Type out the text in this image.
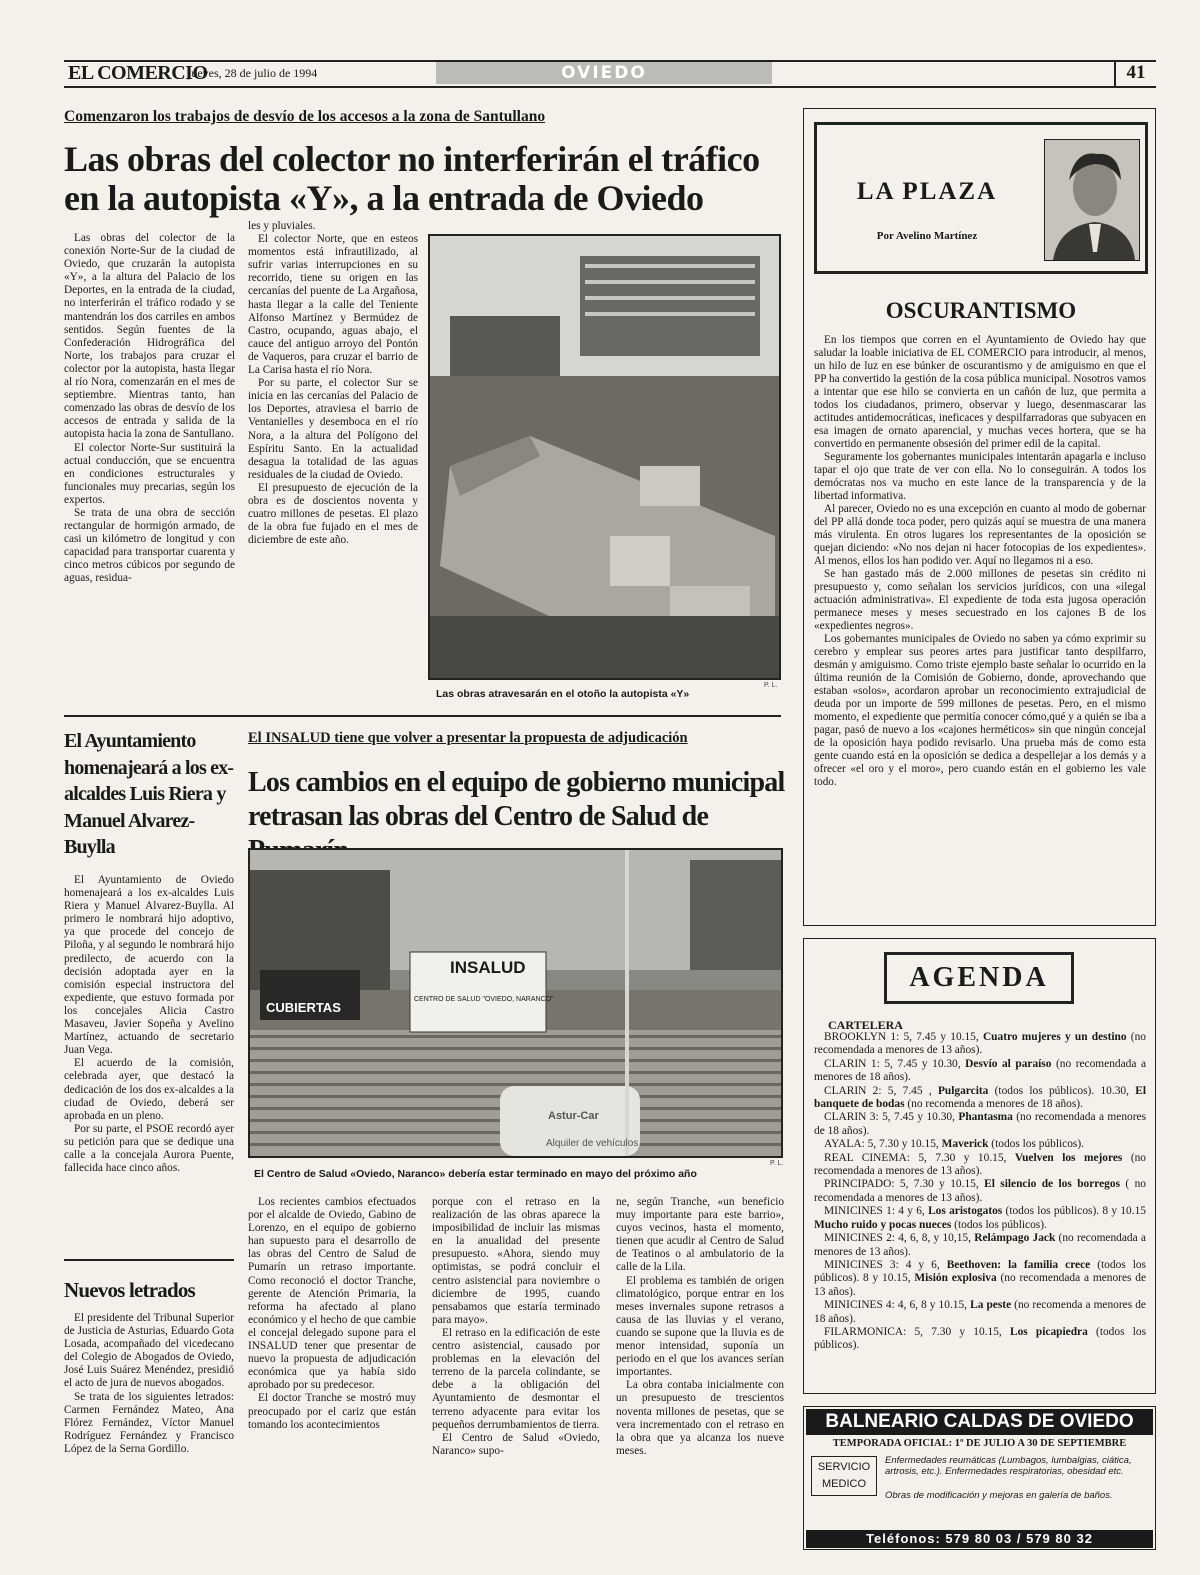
EL COMERCIO
jueves, 28 de julio de 1994	OVIEDO	41
Comenzaron los trabajos de desvío de los accesos a la zona de Santullano
Las obras del colector no interferirán el tráfico en la autopista «Y», a la entrada de Oviedo

Las obras del colector de la conexión Norte-Sur de la ciudad de Oviedo, que cruzarán la autopista «Y», a la altura del Palacio de los Deportes, en la entrada de la ciudad, no interferirán el tráfico rodado y se mantendrán los dos carriles en ambos sentidos. Según fuentes de la Confederación Hidrográfica del Norte, los trabajos para cruzar el colector por la autopista, hasta llegar al río Nora, comenzarán en el mes de septiembre. Mientras tanto, han comenzado las obras de desvío de los accesos de entrada y salida de la autopista hacia la zona de Santullano.

El colector Norte-Sur sustituirá la actual conducción, que se encuentra en condiciones estructurales y funcionales muy precarias, según los expertos.

Se trata de una obra de sección rectangular de hormigón armado, de casi un kilómetro de longitud y con capacidad para transportar cuarenta y cinco metros cúbicos por segundo de aguas, residua-

les y pluviales.

El colector Norte, que en esteos momentos está infrautilizado, al sufrir varias interrupciones en su recorrido, tiene su origen en las cercanías del puente de La Argañosa, hasta llegar a la calle del Teniente Alfonso Martínez y Bermúdez de Castro, ocupando, aguas abajo, el cauce del antiguo arroyo del Pontón de Vaqueros, para cruzar el barrio de La Carisa hasta el río Nora.

Por su parte, el colector Sur se inicia en las cercanías del Palacio de los Deportes, atraviesa el barrio de Ventanielles y desemboca en el río Nora, a la altura del Polígono del Espíritu Santo. En la actualidad desagua la totalidad de las aguas residuales de la ciudad de Oviedo.

El presupuesto de ejecución de la obra es de doscientos noventa y cuatro millones de pesetas. El plazo de la obra fue fujado en el mes de diciembre de este año.

Las obras atravesarán en el otoño la autopista «Y»
P. L.
El Ayuntamiento homenajeará a los ex-alcaldes Luis Riera y Manuel Alvarez-Buylla

El Ayuntamiento de Oviedo homenajeará a los ex-alcaldes Luis Riera y Manuel Alvarez-Buylla. Al primero le nombrará hijo adoptivo, ya que procede del concejo de Piloña, y al segundo le nombrará hijo predilecto, de acuerdo con la decisión adoptada ayer en la comisión especial instructora del expediente, que estuvo formada por los concejales Alicia Castro Masaveu, Javier Sopeña y Avelino Martínez, actuando de secretario Juan Vega.

El acuerdo de la comisión, celebrada ayer, que destacó la dedicación de los dos ex-alcaldes a la ciudad de Oviedo, deberá ser aprobada en un pleno.

Por su parte, el PSOE recordó ayer su petición para que se dedique una calle a la concejala Aurora Puente, fallecida hace cinco años.

Nuevos letrados

El presidente del Tribunal Superior de Justicia de Asturias, Eduardo Gota Losada, acompañado del vicedecano del Colegio de Abogados de Oviedo, José Luis Suárez Menéndez, presidió el acto de jura de nuevos abogados.

Se trata de los siguientes letrados: Carmen Fernández Mateo, Ana Flórez Fernández, Víctor Manuel Rodríguez Fernández y Francisco López de la Serna Gordillo.

El INSALUD tiene que volver a presentar la propuesta de adjudicación
Los cambios en el equipo de gobierno municipal retrasan las obras del Centro de Salud de
INSALUD
CENTRO DE SALUD "OVIEDO, NARANCO"
CUBIERTAS
Astur-Car
Alquiler de vehículos
El Centro de Salud «Oviedo, Naranco» debería estar terminado en mayo del próximo año
P. L.

Los recientes cambios efectuados por el alcalde de Oviedo, Gabino de Lorenzo, en el equipo de gobierno han supuesto para el desarrollo de las obras del Centro de Salud de Pumarín un retraso importante. Como reconoció el doctor Tranche, gerente de Atención Primaria, la reforma ha afectado al plano económico y el hecho de que cambie el concejal delegado supone para el INSALUD tener que presentar de nuevo la propuesta de adjudicación económica que ya había sido aprobado por su predecesor.

El doctor Tranche se mostró muy preocupado por el cariz que están tomando los acontecimientos

porque con el retraso en la realización de las obras aparece la imposibilidad de incluir las mismas en la anualidad del presente presupuesto. «Ahora, siendo muy optimistas, se podrá concluir el centro asistencial para noviembre o diciembre de 1995, cuando pensabamos que estaría terminado para mayo».

El retraso en la edificación de este centro asistencial, causado por problemas en la elevación del terreno de la parcela colindante, se debe a la obligación del Ayuntamiento de desmontar el terreno adyacente para evitar los pequeños derrumbamientos de tierra.

El Centro de Salud «Oviedo, Naranco» supo-

ne, según Tranche, «un beneficio muy importante para este barrio», cuyos vecinos, hasta el momento, tienen que acudir al Centro de Salud de Teatinos o al ambulatorio de la calle de la Lila.

El problema es también de origen climatológico, porque entrar en los meses invernales supone retrasos a causa de las lluvias y el verano, cuando se supone que la lluvia es de menor intensidad, suponía un periodo en el que los avances serían importantes.

La obra contaba inicialmente con un presupuesto de trescientos noventa millones de pesetas, que se vera incrementado con el retraso en la obra que ya alcanza los nueve meses.

LA PLAZA
Por Avelino Martínez
OSCURANTISMO

En los tiempos que corren en el Ayuntamiento de Oviedo hay que saludar la loable iniciativa de EL COMERCIO para introducir, al menos, un hilo de luz en ese búnker de oscurantismo y de amiguismo en que el PP ha convertido la gestión de la cosa pública municipal. Nosotros vamos a intentar que ese hilo se convierta en un cañón de luz, que permita a todos los ciudadanos, primero, observar y luego, desenmascarar las actitudes antidemocráticas, ineficaces y despilfarradoras que subyacen en esa imagen de ornato aparencial, y muchas veces hortera, que se ha convertido en permanente obsesión del primer edil de la capital.

Seguramente los gobernantes municipales intentarán apagarla e incluso tapar el ojo que trate de ver con ella. No lo conseguirán. A todos los demócratas nos va mucho en este lance de la transparencia y de la libertad informativa.

Al parecer, Oviedo no es una excepción en cuanto al modo de gobernar del PP allá donde toca poder, pero quizás aquí se muestra de una manera más virulenta. En otros lugares los representantes de la oposición se quejan diciendo: «No nos dejan ni hacer fotocopias de los expedientes». Al menos, ellos los han podido ver. Aquí no llegamos ni a eso.

Se han gastado más de 2.000 millones de pesetas sin crédito ni presupuesto y, como señalan los servicios jurídicos, con una «ilegal actuación administrativa». El expediente de toda esta jugosa operación permanece meses y meses secuestrado en los cajones B de los «expedientes negros».

Los gobernantes municipales de Oviedo no saben ya cómo exprimir su cerebro y emplear sus peores artes para justificar tanto despilfarro, desmán y amiguismo. Como triste ejemplo baste señalar lo ocurrido en la última reunión de la Comisión de Gobierno, donde, aprovechando que estaban «solos», acordaron aprobar un reconocimiento extrajudicial de deuda por un importe de 599 millones de pesetas. Pero, en el mismo momento, el expediente que permitía conocer cómo,qué y a quién se iba a pagar, pasó de nuevo a los «cajones herméticos» sin que ningún concejal de la oposición haya podido revisarlo. Una prueba más de como esta gente cuando está en la oposición se dedica a despellejar a los demás y a ofrecer «el oro y el moro», pero cuando están en el gobierno les vale todo.

AGENDA
CARTELERA

BROOKLYN 1: 5, 7.45 y 10.15, Cuatro mujeres y un destino (no recomendada a menores de 13 años).

CLARIN 1: 5, 7.45 y 10.30, Desvío al paraíso (no recomendada a menores de 18 años).

CLARIN 2: 5, 7.45 , Pulgarcita (todos los públicos). 10.30, El banquete de bodas (no recomenda a menores de 18 años).

CLARIN 3: 5, 7.45 y 10.30, Phantasma (no recomendada a menores de 18 años).

AYALA: 5, 7.30 y 10.15, Maverick (todos los públicos).

REAL CINEMA: 5, 7.30 y 10.15, Vuelven los mejores (no recomendada a menores de 13 años).

PRINCIPADO: 5, 7.30 y 10.15, El silencio de los borregos ( no recomendada a menores de 13 años).

MINICINES 1: 4 y 6, Los aristogatos (todos los públicos). 8 y 10.15 Mucho ruido y pocas nueces (todos los públicos).

MINICINES 2: 4, 6, 8, y 10,15, Relámpago Jack (no recomendada a menores de 13 años).

MINICINES 3: 4 y 6, Beethoven: la familia crece (todos los públicos). 8 y 10.15, Misión explosiva (no recomendada a menores de 13 años).

MINICINES 4: 4, 6, 8 y 10.15, La peste (no recomenda a menores de 18 años).

FILARMONICA: 5, 7.30 y 10.15, Los picapiedra (todos los públicos).

BALNEARIO CALDAS DE OVIEDO
TEMPORADA OFICIAL: 1º DE JULIO A 30 DE SEPTIEMBRE
SERVICIO
MEDICO
Enfermedades reumáticas (Lumbagos, lumbalgias, ciática, artrosis, etc.). Enfermedades respiratorias, obesidad etc.
Obras de modificación y mejoras en galería de baños.
Teléfonos: 579 80 03 / 579 80 32
